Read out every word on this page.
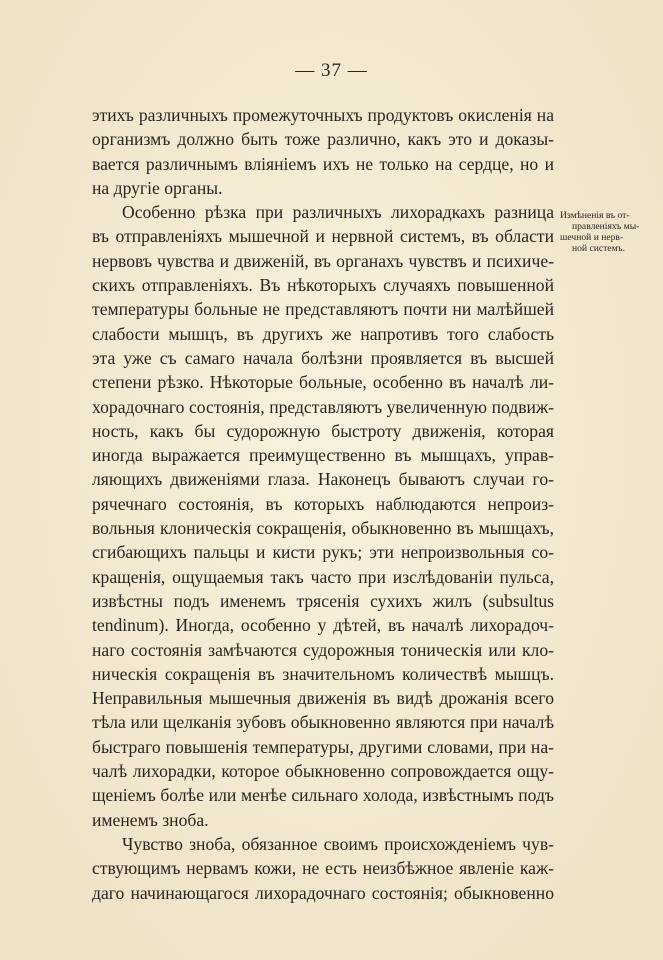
— 37 —
этихъ различныхъ промежуточныхъ продуктовъ окисленія на
организмъ должно быть тоже различно, какъ это и доказы-
вается различнымъ вліяніемъ ихъ не только на сердце, но и
на другіе органы.
Особенно рѣзка при различныхъ лихорадкахъ разница
въ отправленіяхъ мышечной и нервной системъ, въ области
нервовъ чувства и движеній, въ органахъ чувствъ и психиче-
скихъ отправленіяхъ. Въ нѣкоторыхъ случаяхъ повышенной
температуры больные не представляютъ почти ни малѣйшей
слабости мышцъ, въ другихъ же напротивъ того слабость
эта уже съ самаго начала болѣзни проявляется въ высшей
степени рѣзко. Нѣкоторые больные, особенно въ началѣ ли-
хорадочнаго состоянія, представляютъ увеличенную подвиж-
ность, какъ бы судорожную быстроту движенія, которая
иногда выражается преимущественно въ мышцахъ, управ-
ляющихъ движеніями глаза. Наконецъ бываютъ случаи го-
рячечнаго состоянія, въ которыхъ наблюдаются непроиз-
вольныя клоническія сокращенія, обыкновенно въ мышцахъ,
сгибающихъ пальцы и кисти рукъ; эти непроизвольныя со-
кращенія, ощущаемыя такъ часто при изслѣдованіи пульса,
извѣстны подъ именемъ трясенія сухихъ жилъ (subsultus
tendinum). Иногда, особенно у дѣтей, въ началѣ лихорадоч-
наго состоянія замѣчаются судорожныя тоническія или кло-
ническія сокращенія въ значительномъ количествѣ мышцъ.
Неправильныя мышечныя движенія въ видѣ дрожанія всего
тѣла или щелканія зубовъ обыкновенно являются при началѣ
быстраго повышенія температуры, другими словами, при на-
чалѣ лихорадки, которое обыкновенно сопровождается ощу-
щеніемъ болѣе или менѣе сильнаго холода, извѣстнымъ подъ
именемъ зноба.
Чувство зноба, обязанное своимъ происхожденіемъ чув-
ствующимъ нервамъ кожи, не есть неизбѣжное явленіе каж-
даго начинающагося лихорадочнаго состоянія; обыкновенно
Измѣненія въ от-
правленіяхъ мы-
шечной и нерв-
ной системъ.
